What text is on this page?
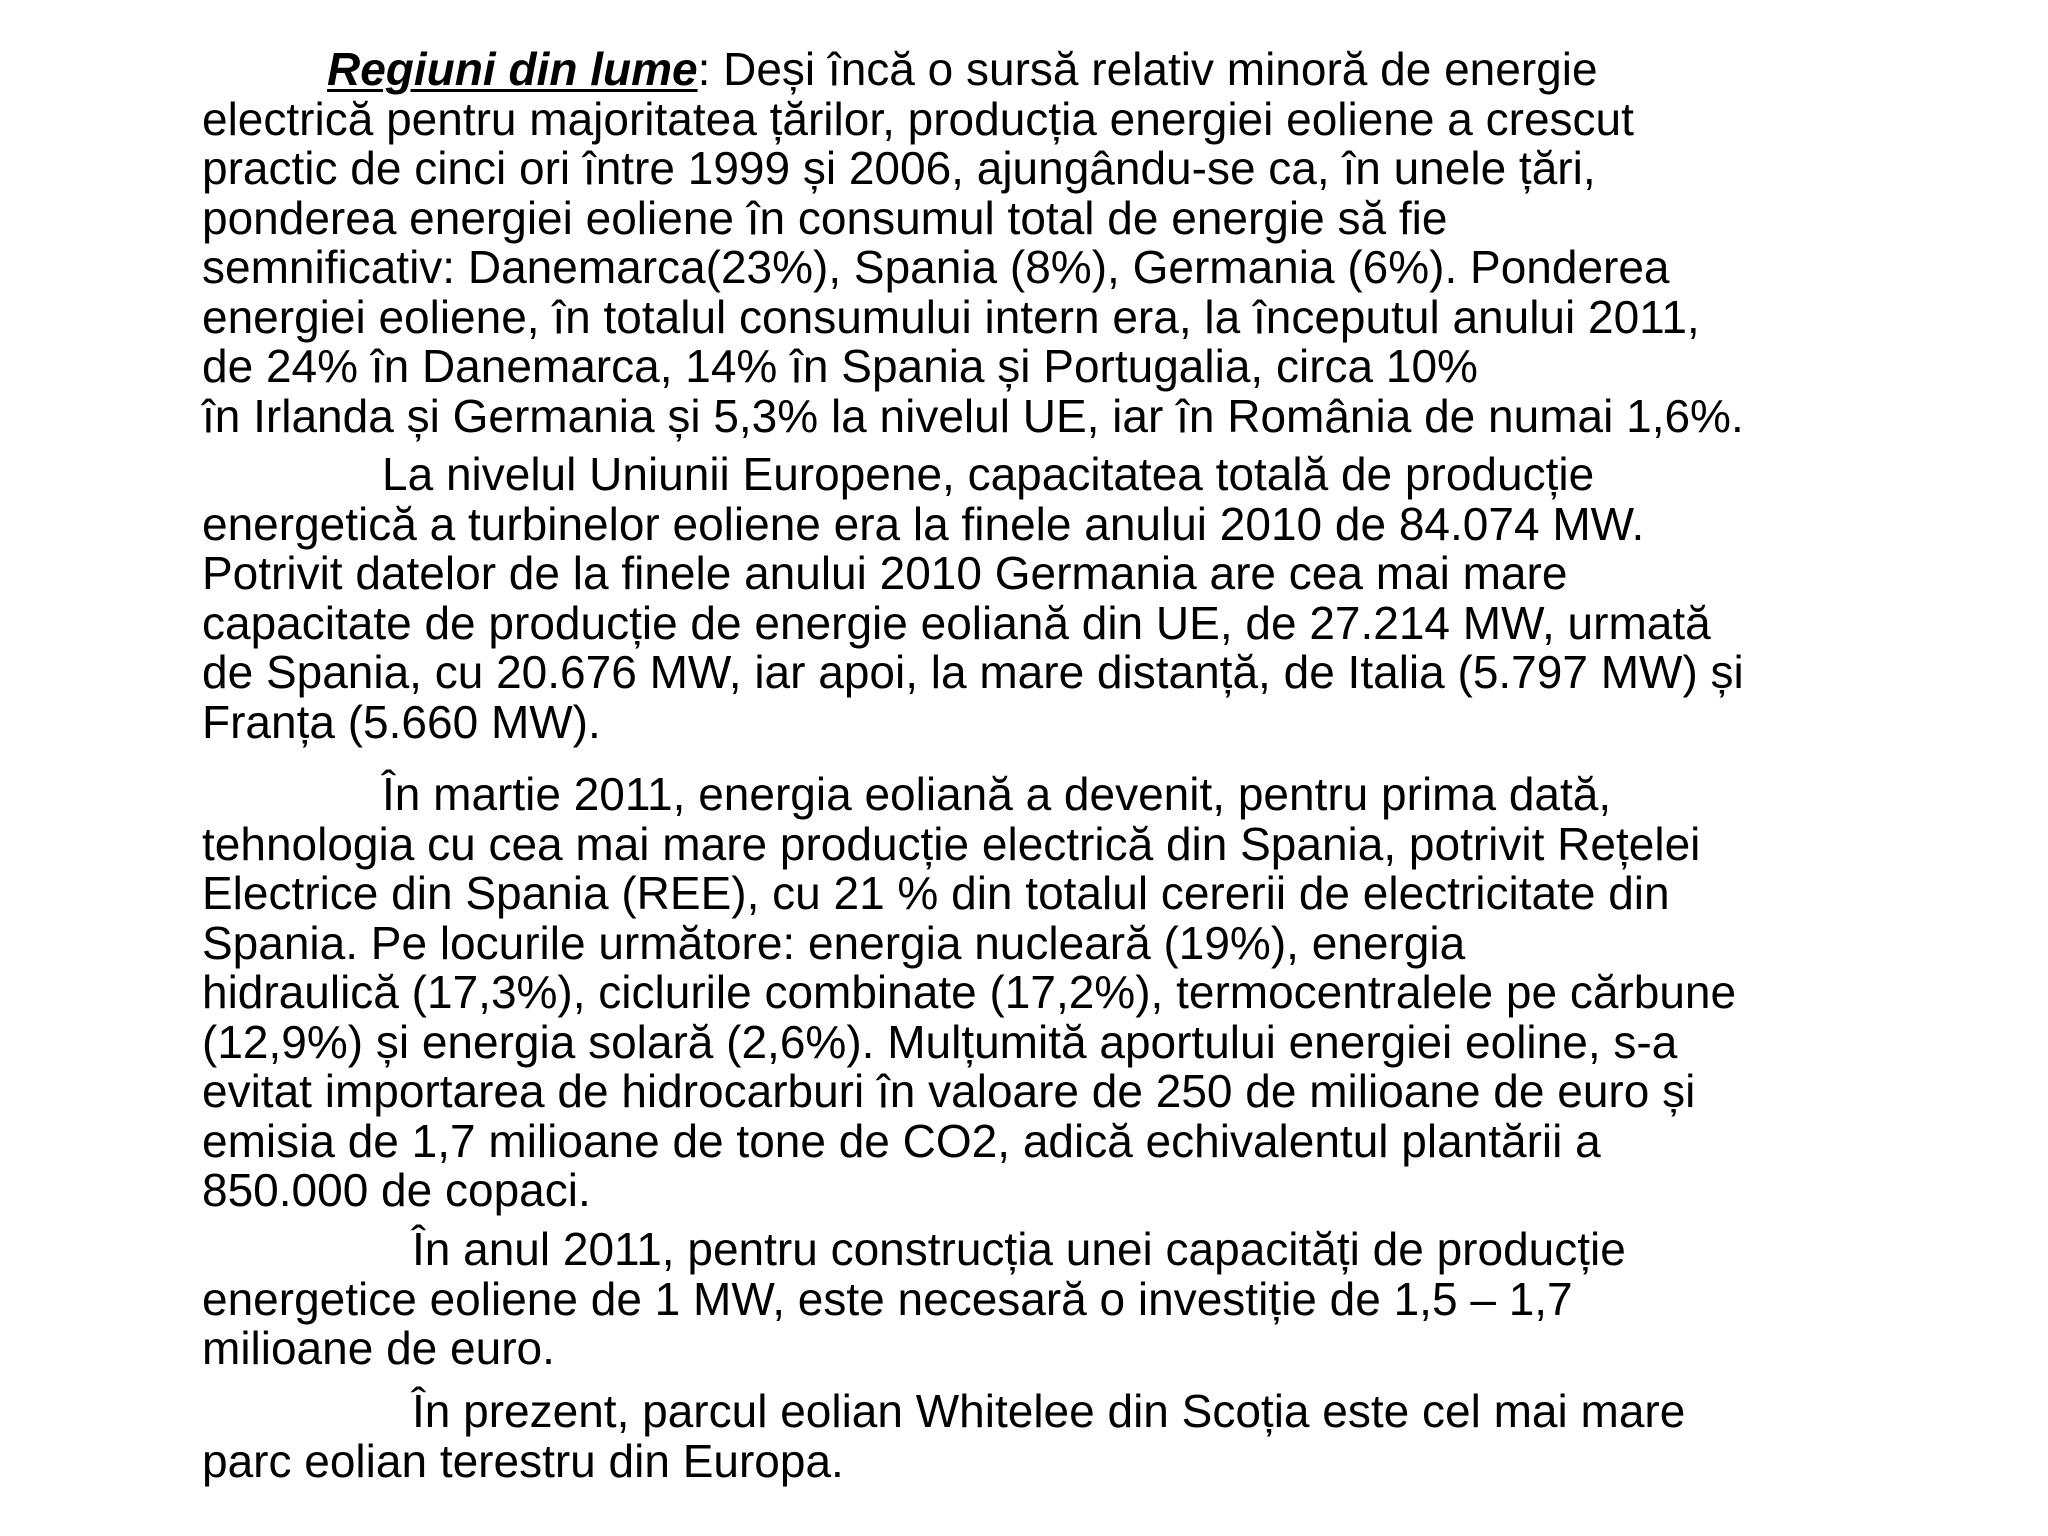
Regiuni din lume: Deși încă o sursă relativ minoră de energie
electrică pentru majoritatea țărilor, producția energiei eoliene a crescut
practic de cinci ori între 1999 și 2006, ajungându-se ca, în unele țări,
ponderea energiei eoliene în consumul total de energie să fie
semnificativ: Danemarca(23%), Spania (8%), Germania (6%). Ponderea
energiei eoliene, în totalul consumului intern era, la începutul anului 2011,
de 24% în Danemarca, 14% în Spania și Portugalia, circa 10%
în Irlanda și Germania și 5,3% la nivelul UE, iar în România de numai 1,6%.

La nivelul Uniunii Europene, capacitatea totală de producție
energetică a turbinelor eoliene era la finele anului 2010 de 84.074 MW.
Potrivit datelor de la finele anului 2010 Germania are cea mai mare
capacitate de producție de energie eoliană din UE, de 27.214 MW, urmată
de Spania, cu 20.676 MW, iar apoi, la mare distanță, de Italia (5.797 MW) și
Franța (5.660 MW).

În martie 2011, energia eoliană a devenit, pentru prima dată,
tehnologia cu cea mai mare producție electrică din Spania, potrivit Rețelei
Electrice din Spania (REE), cu 21 % din totalul cererii de electricitate din
Spania. Pe locurile următore: energia nucleară (19%), energia
hidraulică (17,3%), ciclurile combinate (17,2%), termocentralele pe cărbune
(12,9%) și energia solară (2,6%). Mulțumită aportului energiei eoline, s-a
evitat importarea de hidrocarburi în valoare de 250 de milioane de euro și
emisia de 1,7 milioane de tone de CO2, adică echivalentul plantării a
850.000 de copaci.

În anul 2011, pentru construcția unei capacități de producție
energetice eoliene de 1 MW, este necesară o investiție de 1,5 – 1,7
milioane de euro.

În prezent, parcul eolian Whitelee din Scoția este cel mai mare
parc eolian terestru din Europa.
